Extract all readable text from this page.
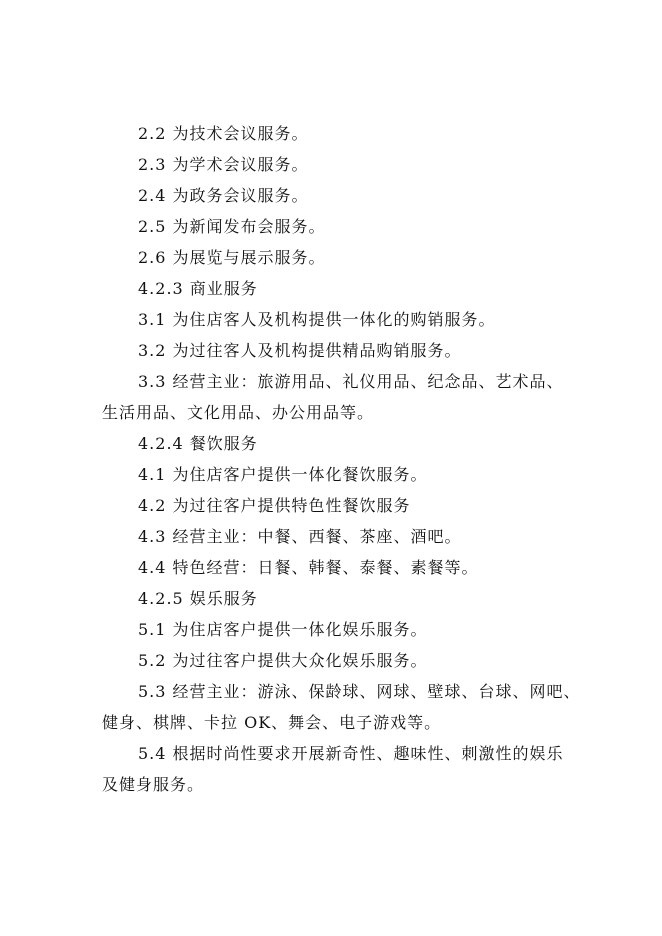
2.2 为技术会议服务。
2.3 为学术会议服务。
2.4 为政务会议服务。
2.5 为新闻发布会服务。
2.6 为展览与展示服务。
4.2.3 商业服务
3.1 为住店客人及机构提供一体化的购销服务。
3.2 为过往客人及机构提供精品购销服务。
3.3 经营主业：旅游用品、礼仪用品、纪念品、艺术品、
生活用品、文化用品、办公用品等。
4.2.4 餐饮服务
4.1 为住店客户提供一体化餐饮服务。
4.2 为过往客户提供特色性餐饮服务
4.3 经营主业：中餐、西餐、茶座、酒吧。
4.4 特色经营：日餐、韩餐、泰餐、素餐等。
4.2.5 娱乐服务
5.1 为住店客户提供一体化娱乐服务。
5.2 为过往客户提供大众化娱乐服务。
5.3 经营主业：游泳、保龄球、网球、壁球、台球、网吧、
健身、棋牌、卡拉 OK、舞会、电子游戏等。
5.4 根据时尚性要求开展新奇性、趣味性、刺激性的娱乐
及健身服务。
